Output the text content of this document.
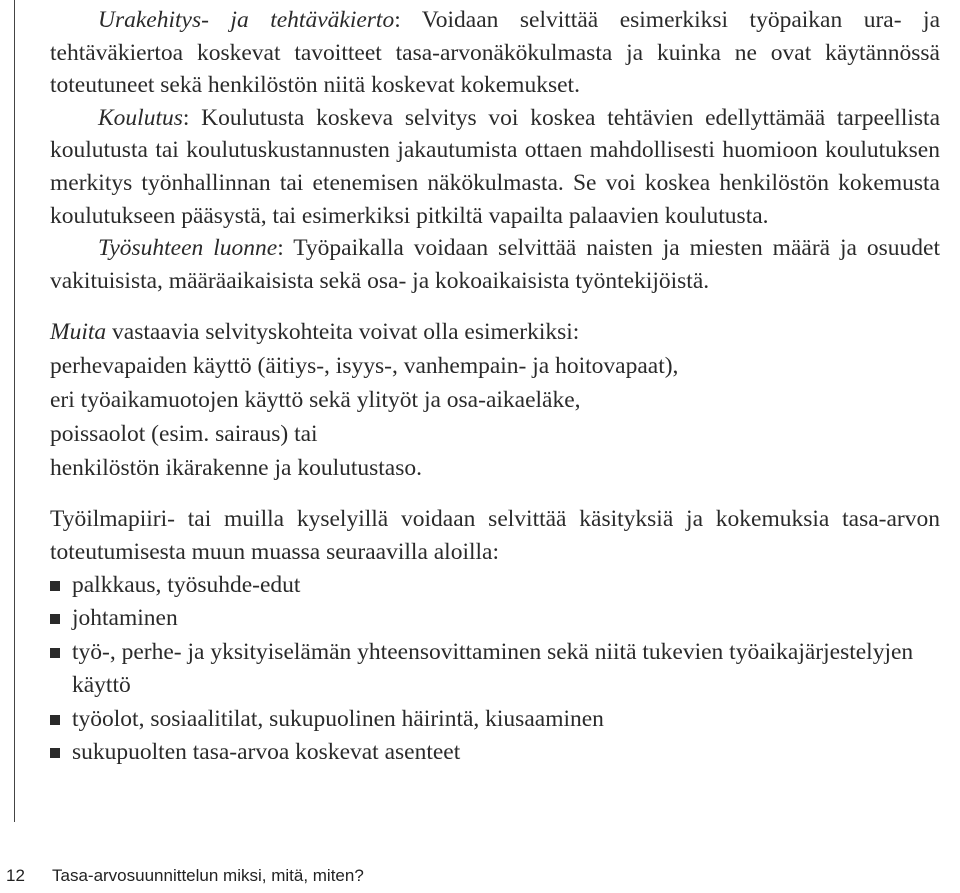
Urakehitys- ja tehtäväkierto: Voidaan selvittää esimerkiksi työpaikan ura- ja tehtäväkiertoa koskevat tavoitteet tasa-arvonäkökulmasta ja kuinka ne ovat käytännössä toteutuneet sekä henkilöstön niitä koskevat kokemukset.

Koulutus: Koulutusta koskeva selvitys voi koskea tehtävien edellyttämää tarpeellista koulutusta tai koulutuskustannusten jakautumista ottaen mahdollisesti huomioon koulutuksen merkitys työnhallinnan tai etenemisen näkökulmasta. Se voi koskea henkilöstön kokemusta koulutukseen pääsystä, tai esimerkiksi pitkiltä vapailta palaavien koulutusta.

Työsuhteen luonne: Työpaikalla voidaan selvittää naisten ja miesten määrä ja osuudet vakituisista, määräaikaisista sekä osa- ja kokoaikaisista työntekijöistä.

Muita vastaavia selvityskohteita voivat olla esimerkiksi:

perhevapaiden käyttö (äitiys-, isyys-, vanhempain- ja hoitovapaat),

eri työaikamuotojen käyttö sekä ylityöt ja osa-aikaeläke,

poissaolot (esim. sairaus) tai

henkilöstön ikärakenne ja koulutustaso.

Työilmapiiri- tai muilla kyselyillä voidaan selvittää käsityksiä ja kokemuksia tasa-arvon toteutumisesta muun muassa seuraavilla aloilla:

palkkaus, työsuhde-edut
johtaminen
työ-, perhe- ja yksityiselämän yhteensovittaminen sekä niitä tukevien työaikajärjestelyjen käyttö
työolot, sosiaalitilat, sukupuolinen häirintä, kiusaaminen
sukupuolten tasa-arvoa koskevat asenteet
12 Tasa-arvosuunnittelun miksi, mitä, miten?
